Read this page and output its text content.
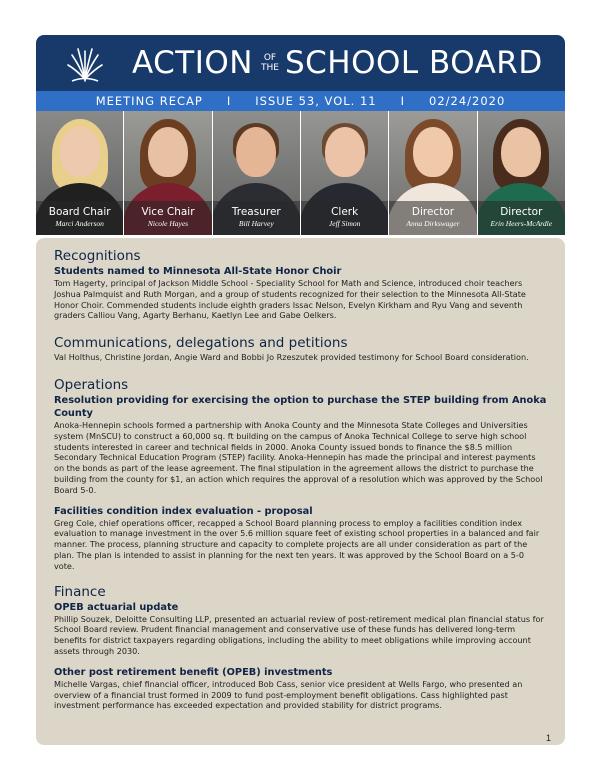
ACTION OF
THE SCHOOL BOARD
MEETING RECAP I ISSUE 53, VOL. 11 I 02/24/2020
Board Chair
Marci Anderson
Vice Chair
Nicole Hayes
Treasurer
Bill Harvey
Clerk
Jeff Simon
Director
Anna Dirkswager
Director
Erin Heers-McArdle
Recognitions
Students named to Minnesota All-State Honor Choir
Tom Hagerty, principal of Jackson Middle School - Speciality School for Math and Science, introduced choir teachers Joshua Palmquist and Ruth Morgan, and a group of students recognized for their selection to the Minnesota All-State Honor Choir. Commended students include eighth graders Issac Nelson, Evelyn Kirkham and Ryu Vang and seventh graders Calliou Vang, Agarty Berhanu, Kaetlyn Lee and Gabe Oelkers.
Communications, delegations and petitions
Val Holthus, Christine Jordan, Angie Ward and Bobbi Jo Rzeszutek provided testimony for School Board consideration.
Operations
Resolution providing for exercising the option to purchase the STEP building from Anoka County
Anoka-Hennepin schools formed a partnership with Anoka County and the Minnesota State Colleges and Universities system (MnSCU) to construct a 60,000 sq. ft building on the campus of Anoka Technical College to serve high school students interested in career and technical fields in 2000. Anoka County issued bonds to finance the $8.5 million Secondary Technical Education Program (STEP) facility. Anoka-Hennepin has made the principal and interest payments on the bonds as part of the lease agreement. The final stipulation in the agreement allows the district to purchase the building from the county for $1, an action which requires the approval of a resolution which was approved by the School Board 5-0.
Facilities condition index evaluation - proposal
Greg Cole, chief operations officer, recapped a School Board planning process to employ a facilities condition index evaluation to manage investment in the over 5.6 million square feet of existing school properties in a balanced and fair manner. The process, planning structure and capacity to complete projects are all under consideration as part of the plan. The plan is intended to assist in planning for the next ten years. It was approved by the School Board on a 5-0 vote.
Finance
OPEB actuarial update
Phillip Souzek, Deloitte Consulting LLP, presented an actuarial review of post-retirement medical plan financial status for School Board review. Prudent financial management and conservative use of these funds has delivered long-term benefits for district taxpayers regarding obligations, including the ability to meet obligations while improving account assets through 2030.
Other post retirement benefit (OPEB) investments
Michelle Vargas, chief financial officer, introduced Bob Cass, senior vice president at Wells Fargo, who presented an overview of a financial trust formed in 2009 to fund post-employment benefit obligations. Cass highlighted past investment performance has exceeded expectation and provided stability for district programs.
1
